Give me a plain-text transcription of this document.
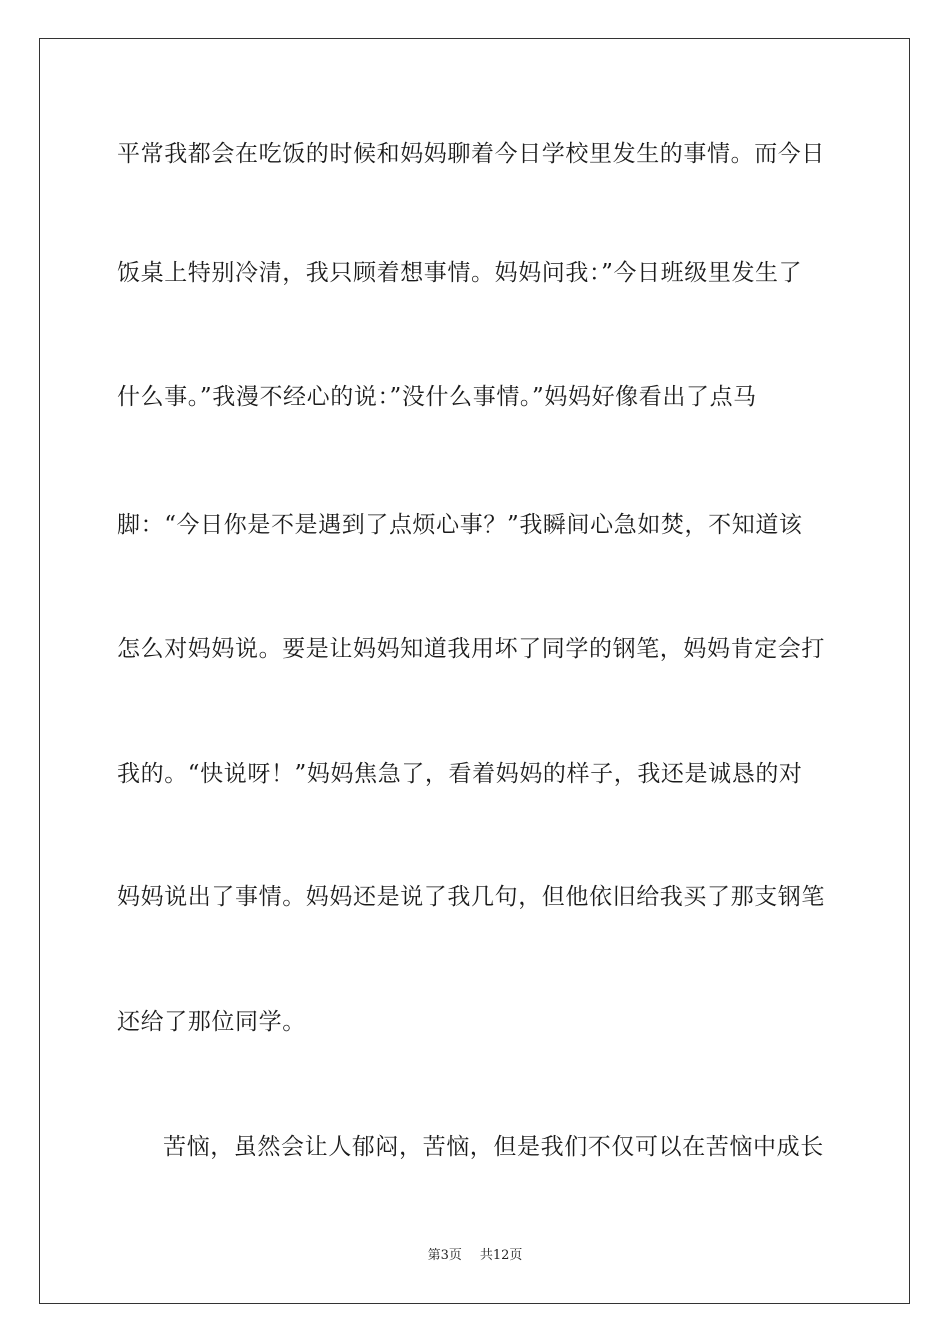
平常我都会在吃饭的时候和妈妈聊着今日学校里发生的事情。而今日
饭桌上特别冷清，我只顾着想事情。妈妈问我：”今日班级里发生了
什么事。”我漫不经心的说：”没什么事情。”妈妈好像看出了点马
脚：“今日你是不是遇到了点烦心事？”我瞬间心急如焚，不知道该
怎么对妈妈说。要是让妈妈知道我用坏了同学的钢笔，妈妈肯定会打
我的。“快说呀！”妈妈焦急了，看着妈妈的样子，我还是诚恳的对
妈妈说出了事情。妈妈还是说了我几句，但他依旧给我买了那支钢笔
还给了那位同学。
苦恼，虽然会让人郁闷，苦恼，但是我们不仅可以在苦恼中成长
第3页 共12页
